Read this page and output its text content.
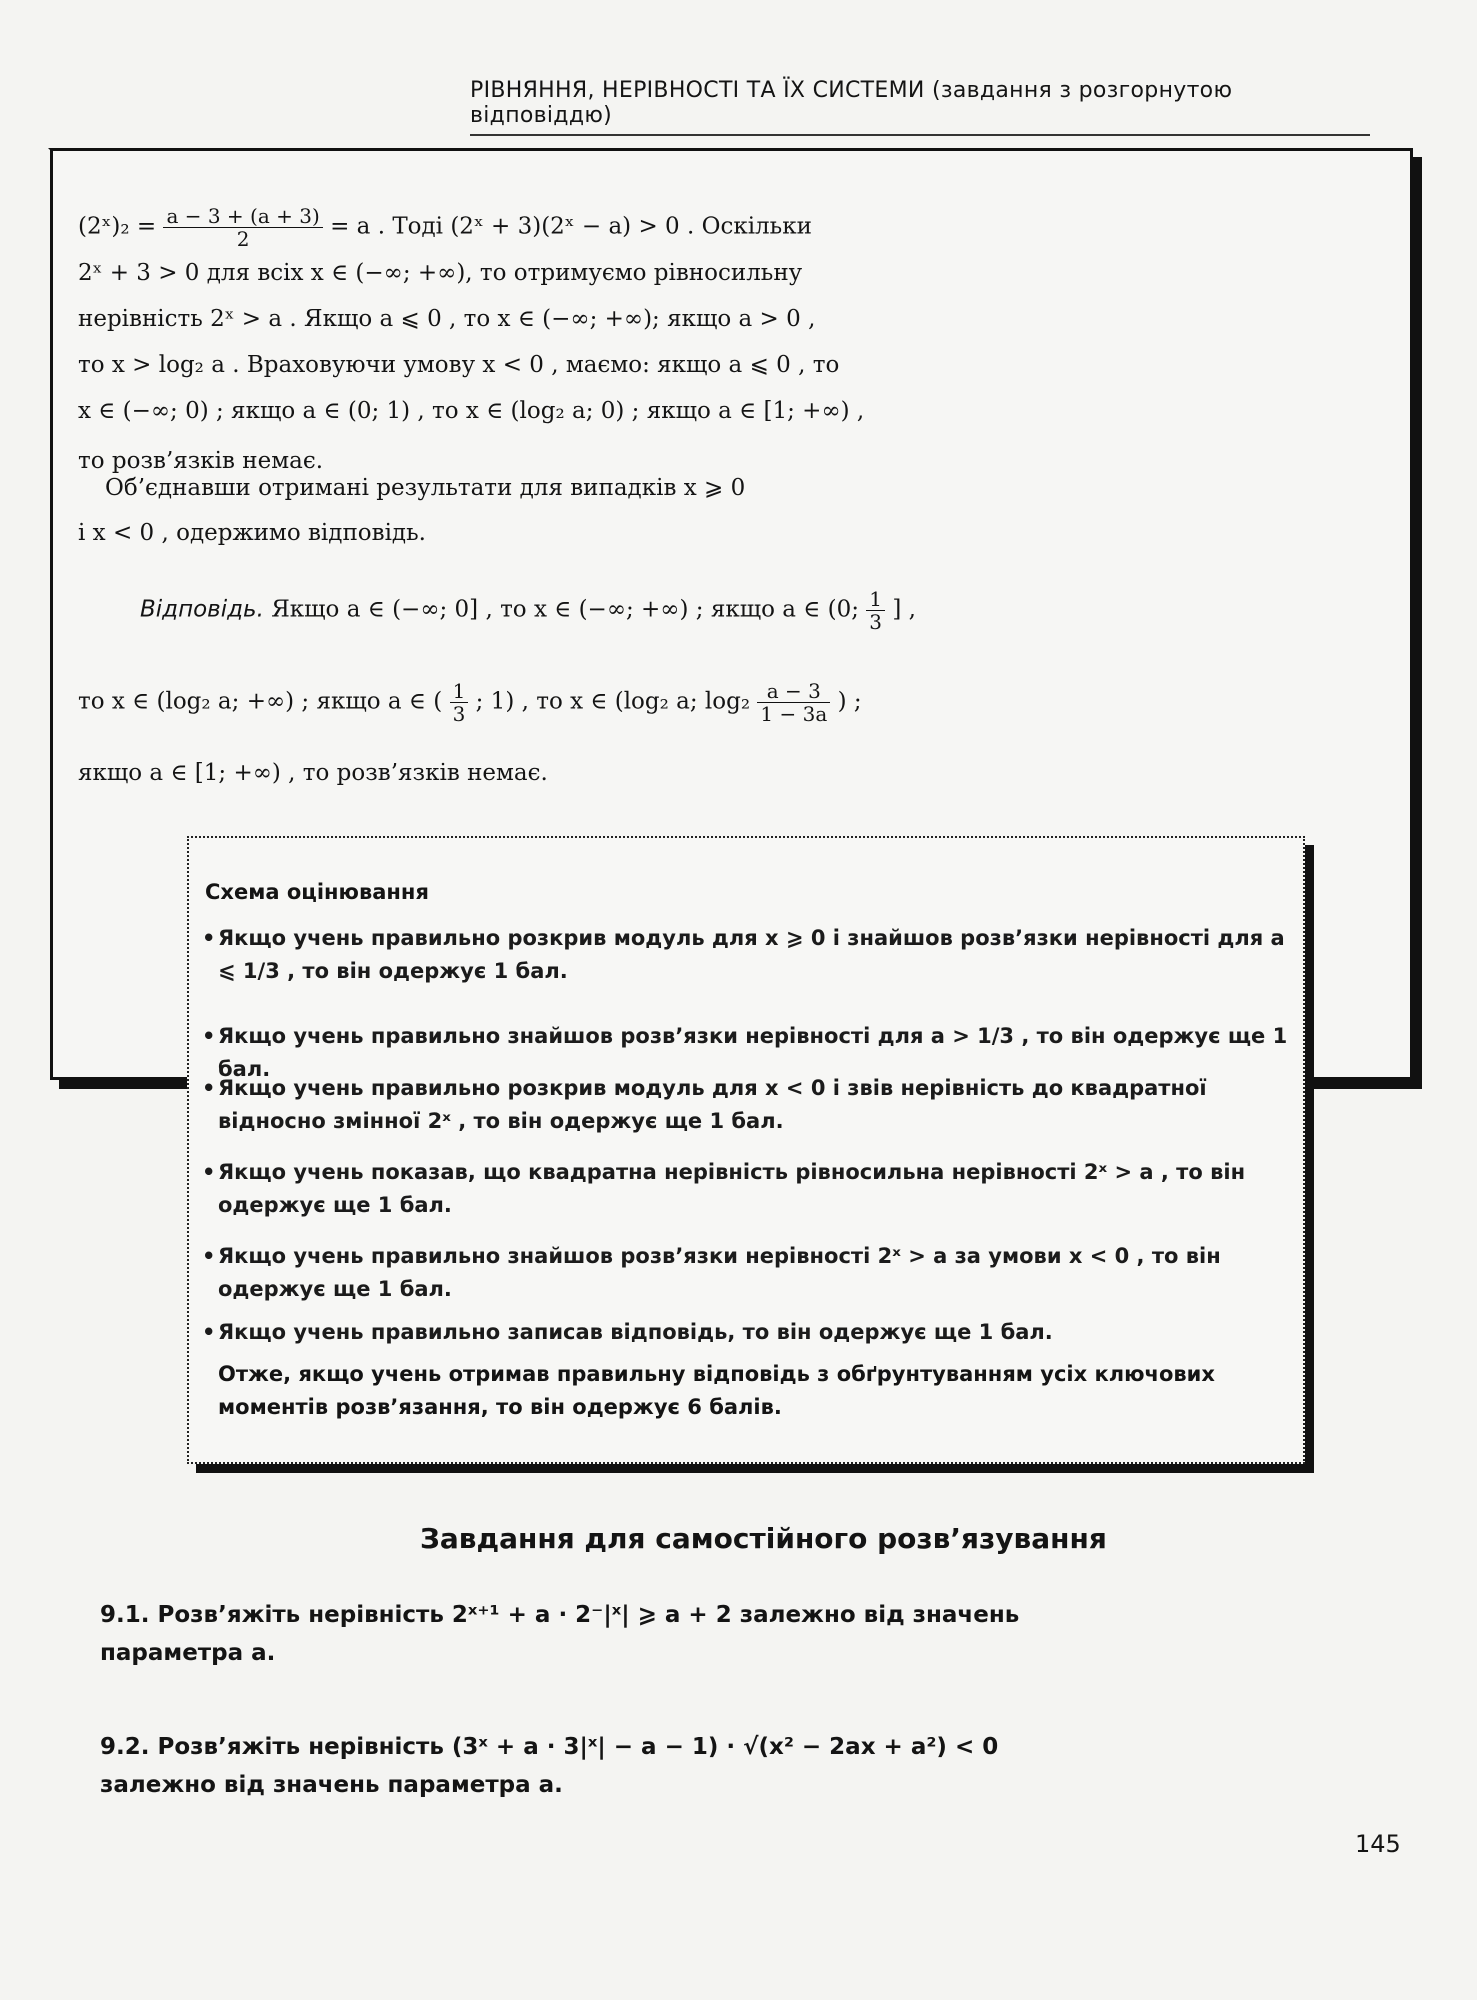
РІВНЯННЯ, НЕРІВНОСТІ ТА ЇХ СИСТЕМИ (завдання з розгорнутою відповіддю)
(2ˣ)₂ = $\frac{a - 3 + (a + 3)}{2} = a$ . Тоді (2ˣ + 3)(2ˣ − a) > 0 . Оскільки
2ˣ + 3 > 0 для всіх x ∈ (−∞; +∞), то отримуємо рівносильну
нерівність 2ˣ > a . Якщо a ⩽ 0 , то x ∈ (−∞; +∞); якщо a > 0 ,
то x > log₂ a . Враховуючи умову x < 0 , маємо: якщо a ⩽ 0 , то
x ∈ (−∞; 0) ; якщо a ∈ (0; 1) , то x ∈ (log₂ a; 0) ; якщо a ∈ [1; +∞) ,
то розв’язків немає.
Об’єднавши отримані результати для випадків x ⩾ 0
і x < 0 , одержимо відповідь.
Відповідь. Якщо a ∈ (−∞; 0] , то x ∈ (−∞; +∞) ; якщо a ∈ (0; $\frac{1}{3}$ ] ,
то x ∈ (log₂ a; +∞) ; якщо a ∈ ( $\frac{1}{3}$ ; 1) , то x ∈ (log₂ a; $\log_2 \frac{a - 3}{1 - 3a}$ ) ;
якщо a ∈ [1; +∞) , то розв’язків немає.
Схема оцінювання
• Якщо учень правильно розкрив модуль для x ⩾ 0 і знайшов розв’язки нерівності для a ⩽ 1/3 , то він одержує 1 бал.
• Якщо учень правильно знайшов розв’язки нерівності для a > 1/3 , то він одержує ще 1 бал.
• Якщо учень правильно розкрив модуль для x < 0 і звів нерівність до квадратної відносно змінної 2ˣ , то він одержує ще 1 бал.
• Якщо учень показав, що квадратна нерівність рівносильна нерівності 2ˣ > a , то він одержує ще 1 бал.
• Якщо учень правильно знайшов розв’язки нерівності 2ˣ > a за умови x < 0 , то він одержує ще 1 бал.
• Якщо учень правильно записав відповідь, то він одержує ще 1 бал.
Отже, якщо учень отримав правильну відповідь з обґрунтуванням усіх ключових моментів розв’язання, то він одержує 6 балів.
Завдання для самостійного розв’язування
9.1. Розв’яжіть нерівність 2ˣ⁺¹ + a · 2⁻|ˣ| ⩾ a + 2 залежно від значень параметра a.
9.2. Розв’яжіть нерівність (3ˣ + a · 3|ˣ| − a − 1) · √(x² − 2ax + a²) < 0 залежно від значень параметра a.
145
